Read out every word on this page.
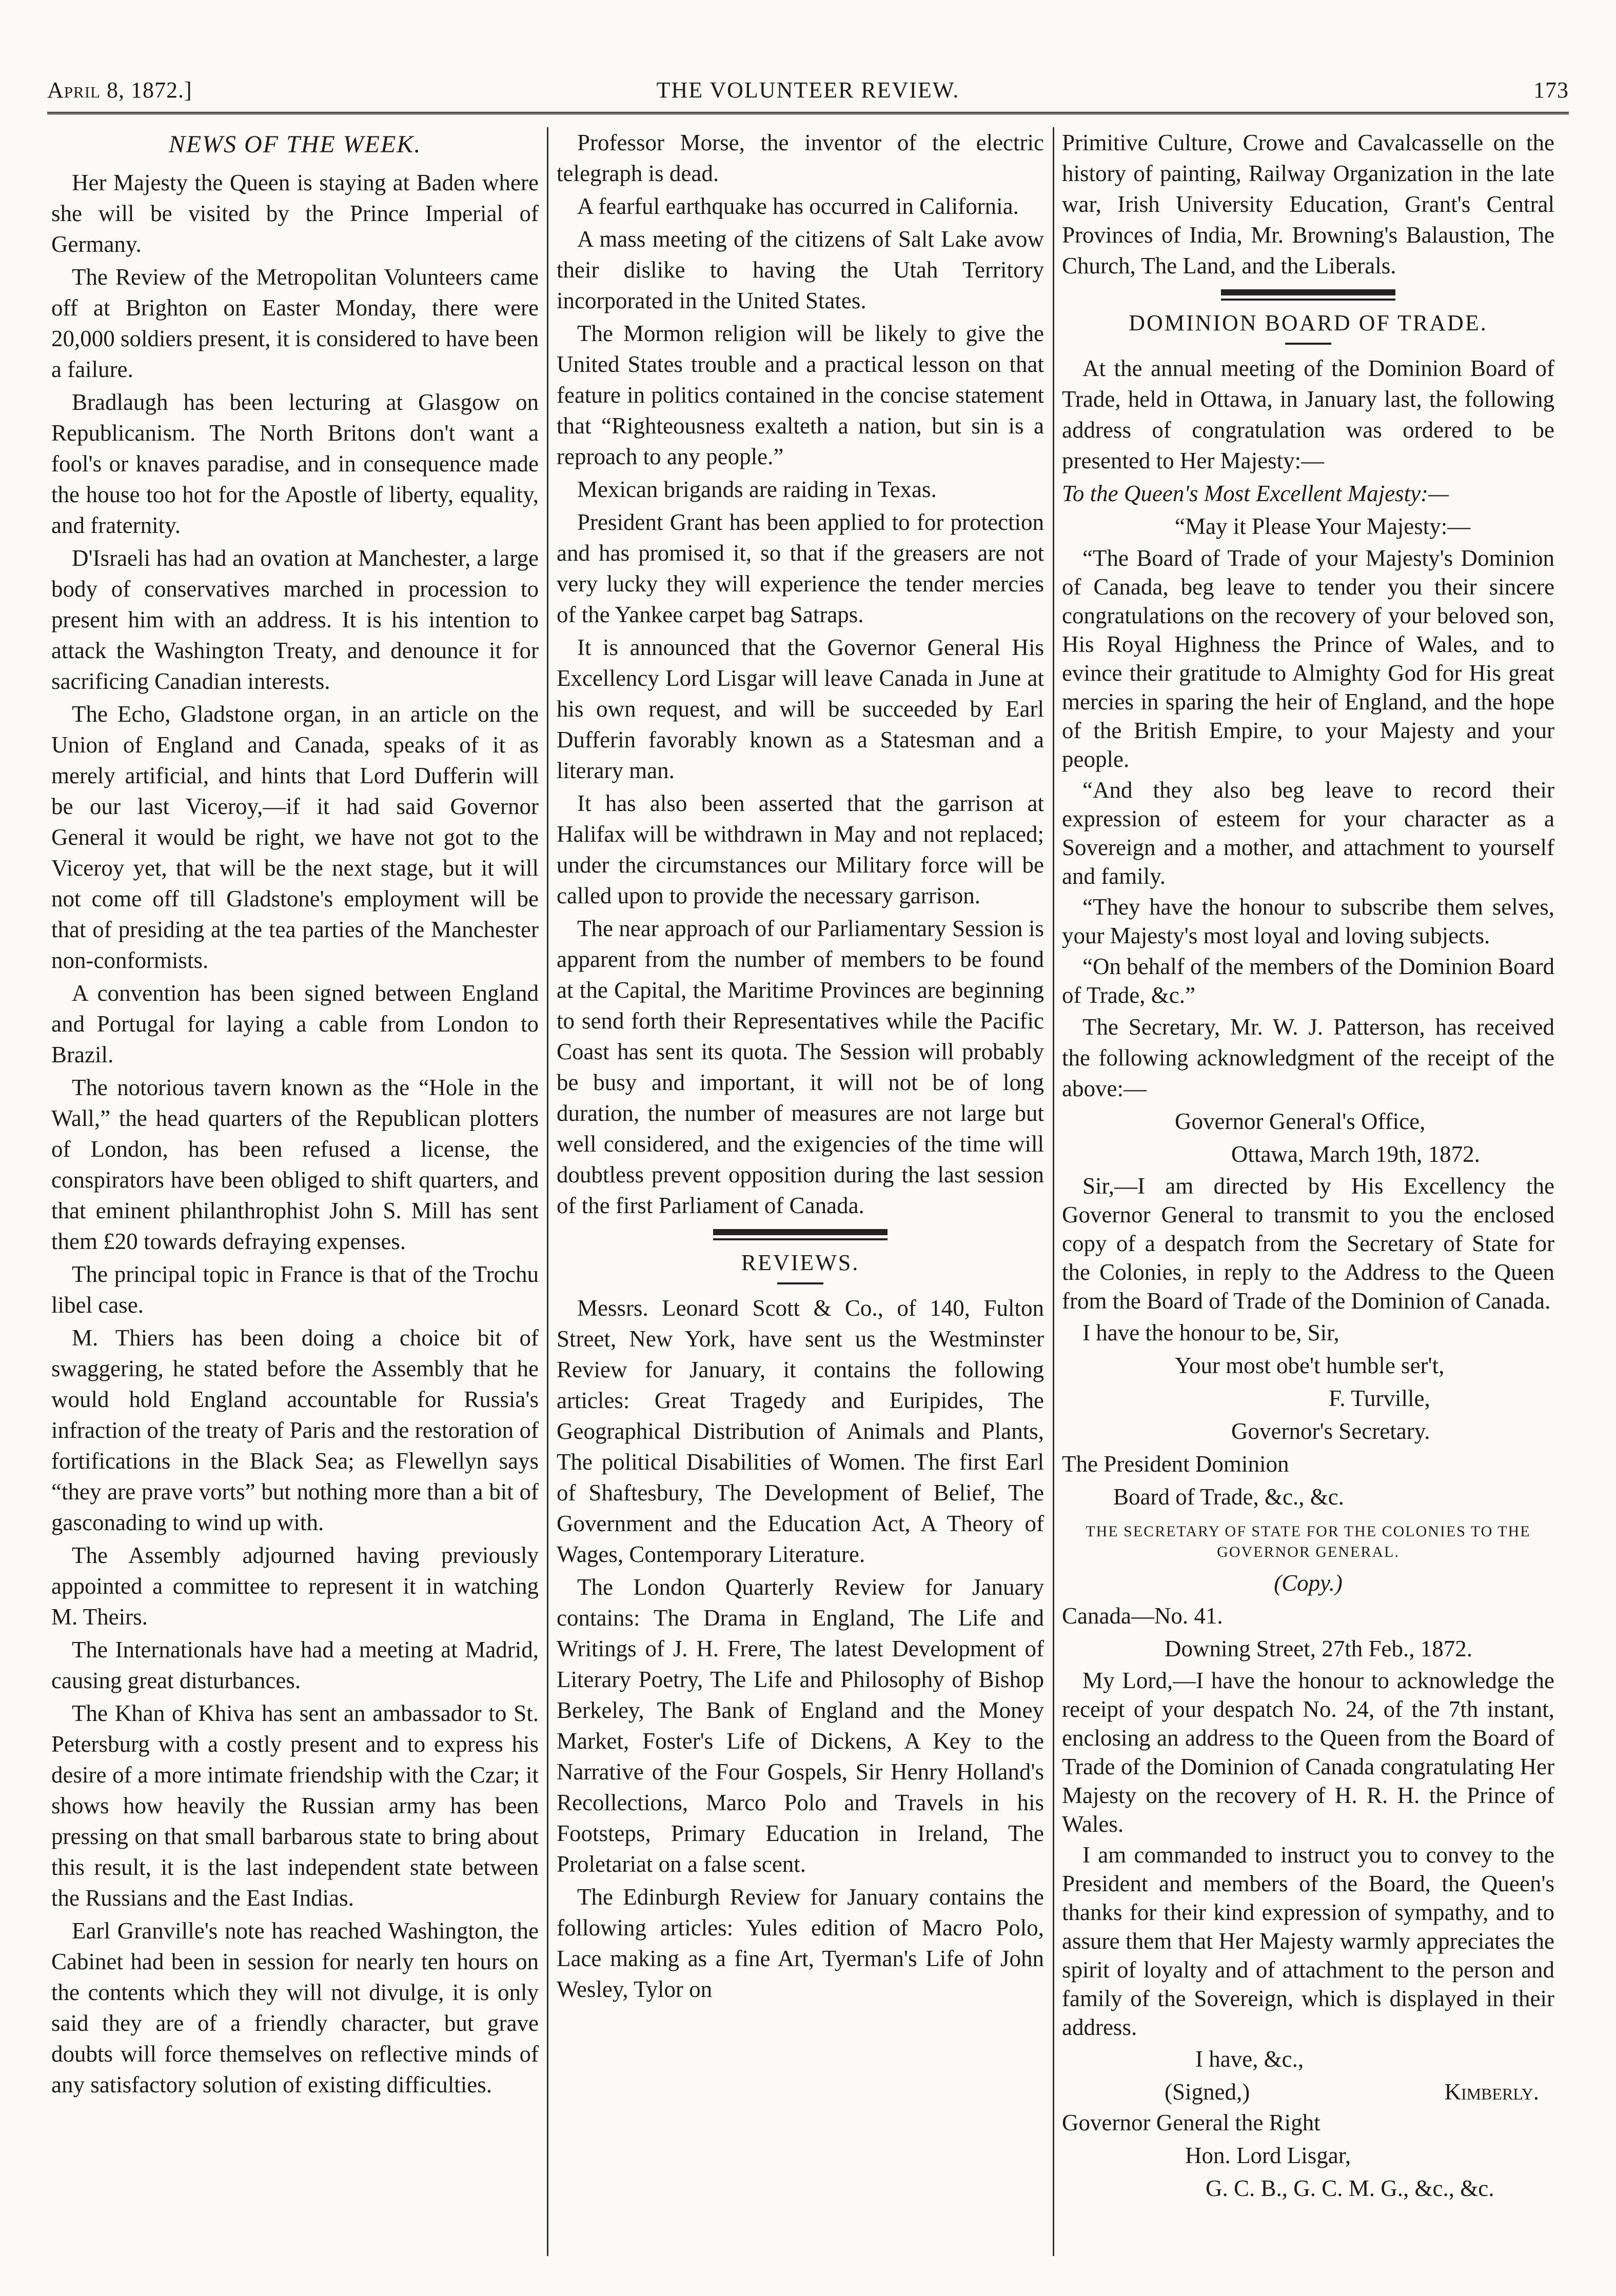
April 8, 1872.]	THE VOLUNTEER REVIEW.	173
NEWS OF THE WEEK.

Her Majesty the Queen is staying at Baden where she will be visited by the Prince Imperial of Germany.

The Review of the Metropolitan Volunteers came off at Brighton on Easter Monday, there were 20,000 soldiers present, it is considered to have been a failure.

Bradlaugh has been lecturing at Glasgow on Republicanism. The North Britons don't want a fool's or knaves paradise, and in consequence made the house too hot for the Apostle of liberty, equality, and fraternity.

D'Israeli has had an ovation at Manchester, a large body of conservatives marched in procession to present him with an address. It is his intention to attack the Washington Treaty, and denounce it for sacrificing Canadian interests.

The Echo, Gladstone organ, in an article on the Union of England and Canada, speaks of it as merely artificial, and hints that Lord Dufferin will be our last Viceroy,—if it had said Governor General it would be right, we have not got to the Viceroy yet, that will be the next stage, but it will not come off till Gladstone's employment will be that of presiding at the tea parties of the Manchester non-conformists.

A convention has been signed between England and Portugal for laying a cable from London to Brazil.

The notorious tavern known as the “Hole in the Wall,” the head quarters of the Republican plotters of London, has been refused a license, the conspirators have been obliged to shift quarters, and that eminent philanthrophist John S. Mill has sent them £20 towards defraying expenses.

The principal topic in France is that of the Trochu libel case.

M. Thiers has been doing a choice bit of swaggering, he stated before the Assembly that he would hold England accountable for Russia's infraction of the treaty of Paris and the restoration of fortifications in the Black Sea; as Flewellyn says “they are prave vorts” but nothing more than a bit of gasconading to wind up with.

The Assembly adjourned having previously appointed a committee to represent it in watching M. Theirs.

The Internationals have had a meeting at Madrid, causing great disturbances.

The Khan of Khiva has sent an ambassador to St. Petersburg with a costly present and to express his desire of a more intimate friendship with the Czar; it shows how heavily the Russian army has been pressing on that small barbarous state to bring about this result, it is the last independent state between the Russians and the East Indias.

Earl Granville's note has reached Washington, the Cabinet had been in session for nearly ten hours on the contents which they will not divulge, it is only said they are of a friendly character, but grave doubts will force themselves on reflective minds of any satisfactory solution of existing difficulties.

Professor Morse, the inventor of the electric telegraph is dead.

A fearful earthquake has occurred in California.

A mass meeting of the citizens of Salt Lake avow their dislike to having the Utah Territory incorporated in the United States.

The Mormon religion will be likely to give the United States trouble and a practical lesson on that feature in politics contained in the concise statement that “Righteousness exalteth a nation, but sin is a reproach to any people.”

Mexican brigands are raiding in Texas.

President Grant has been applied to for protection and has promised it, so that if the greasers are not very lucky they will experience the tender mercies of the Yankee carpet bag Satraps.

It is announced that the Governor General His Excellency Lord Lisgar will leave Canada in June at his own request, and will be succeeded by Earl Dufferin favorably known as a Statesman and a literary man.

It has also been asserted that the garrison at Halifax will be withdrawn in May and not replaced; under the circumstances our Military force will be called upon to provide the necessary garrison.

The near approach of our Parliamentary Session is apparent from the number of members to be found at the Capital, the Maritime Provinces are beginning to send forth their Representatives while the Pacific Coast has sent its quota. The Session will probably be busy and important, it will not be of long duration, the number of measures are not large but well considered, and the exigencies of the time will doubtless prevent opposition during the last session of the first Parliament of Canada.

REVIEWS.

Messrs. Leonard Scott & Co., of 140, Fulton Street, New York, have sent us the Westminster Review for January, it contains the following articles: Great Tragedy and Euripides, The Geographical Distribution of Animals and Plants, The political Disabilities of Women. The first Earl of Shaftesbury, The Development of Belief, The Government and the Education Act, A Theory of Wages, Contemporary Literature.

The London Quarterly Review for January contains: The Drama in England, The Life and Writings of J. H. Frere, The latest Development of Literary Poetry, The Life and Philosophy of Bishop Berkeley, The Bank of England and the Money Market, Foster's Life of Dickens, A Key to the Narrative of the Four Gospels, Sir Henry Holland's Recollections, Marco Polo and Travels in his Footsteps, Primary Education in Ireland, The Proletariat on a false scent.

The Edinburgh Review for January contains the following articles: Yules edition of Macro Polo, Lace making as a fine Art, Tyerman's Life of John Wesley, Tylor on

Primitive Culture, Crowe and Cavalcasselle on the history of painting, Railway Organization in the late war, Irish University Education, Grant's Central Provinces of India, Mr. Browning's Balaustion, The Church, The Land, and the Liberals.

DOMINION BOARD OF TRADE.

At the annual meeting of the Dominion Board of Trade, held in Ottawa, in January last, the following address of congratulation was ordered to be presented to Her Majesty:—

To the Queen's Most Excellent Majesty:—

“May it Please Your Majesty:—

“The Board of Trade of your Majesty's Dominion of Canada, beg leave to tender you their sincere congratulations on the recovery of your beloved son, His Royal Highness the Prince of Wales, and to evince their gratitude to Almighty God for His great mercies in sparing the heir of England, and the hope of the British Empire, to your Majesty and your people.

“And they also beg leave to record their expression of esteem for your character as a Sovereign and a mother, and attachment to yourself and family.

“They have the honour to subscribe them selves, your Majesty's most loyal and loving subjects.

“On behalf of the members of the Dominion Board of Trade, &c.”

The Secretary, Mr. W. J. Patterson, has received the following acknowledgment of the receipt of the above:—

Governor General's Office,

Ottawa, March 19th, 1872.

Sir,—I am directed by His Excellency the Governor General to transmit to you the enclosed copy of a despatch from the Secretary of State for the Colonies, in reply to the Address to the Queen from the Board of Trade of the Dominion of Canada.

I have the honour to be, Sir,

Your most obe't humble ser't,

F. Turville,

Governor's Secretary.

The President Dominion

Board of Trade, &c., &c.

THE SECRETARY OF STATE FOR THE COLONIES TO THE GOVERNOR GENERAL.

(Copy.)

Canada—No. 41.

Downing Street, 27th Feb., 1872.

My Lord,—I have the honour to acknowledge the receipt of your despatch No. 24, of the 7th instant, enclosing an address to the Queen from the Board of Trade of the Dominion of Canada congratulating Her Majesty on the recovery of H. R. H. the Prince of Wales.

I am commanded to instruct you to convey to the President and members of the Board, the Queen's thanks for their kind expression of sympathy, and to assure them that Her Majesty warmly appreciates the spirit of loyalty and of attachment to the person and family of the Sovereign, which is displayed in their address.

I have, &c.,

(Signed,)	Kimberly.

Governor General the Right

Hon. Lord Lisgar,

G. C. B., G. C. M. G., &c., &c.
